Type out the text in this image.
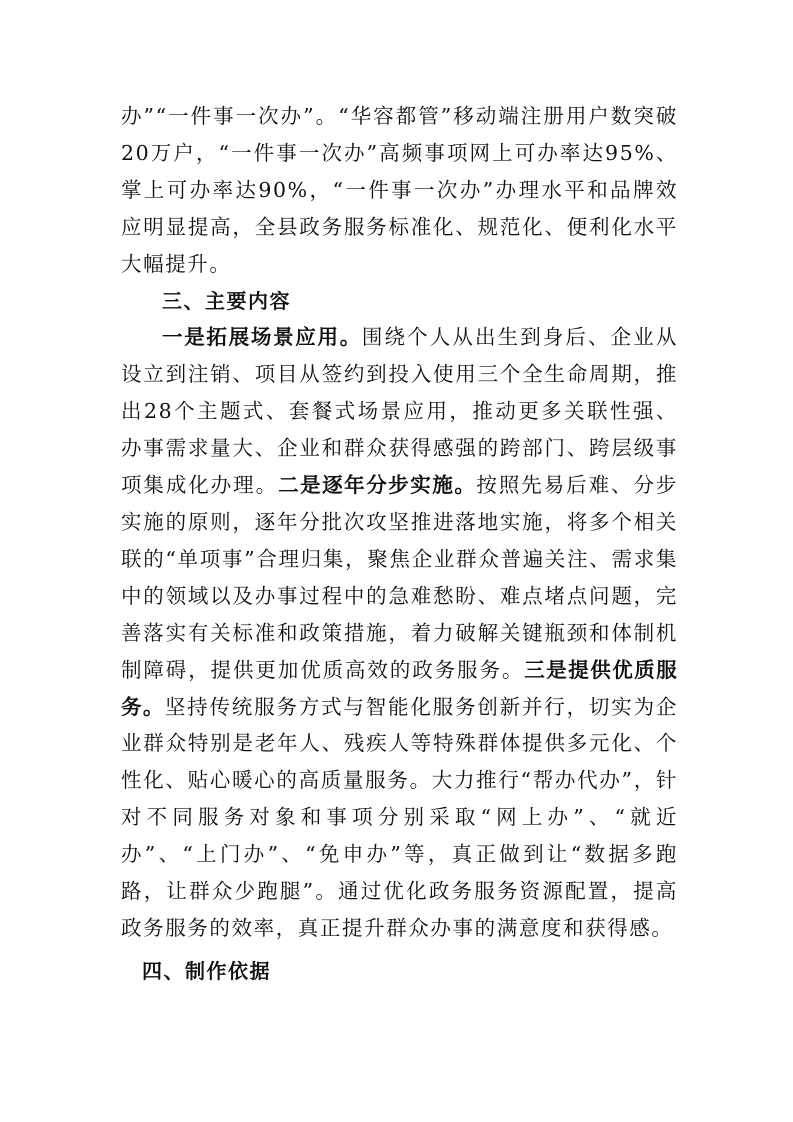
办”“一件事一次办”。“华容都管”移动端注册用户数突破20万户，“一件事一次办”高频事项网上可办率达95%、掌上可办率达90%，“一件事一次办”办理水平和品牌效应明显提高，全县政务服务标准化、规范化、便利化水平大幅提升。

三、主要内容

一是拓展场景应用。围绕个人从出生到身后、企业从设立到注销、项目从签约到投入使用三个全生命周期，推出28个主题式、套餐式场景应用，推动更多关联性强、办事需求量大、企业和群众获得感强的跨部门、跨层级事项集成化办理。二是逐年分步实施。按照先易后难、分步实施的原则，逐年分批次攻坚推进落地实施，将多个相关联的“单项事”合理归集，聚焦企业群众普遍关注、需求集中的领域以及办事过程中的急难愁盼、难点堵点问题，完善落实有关标准和政策措施，着力破解关键瓶颈和体制机制障碍，提供更加优质高效的政务服务。三是提供优质服务。坚持传统服务方式与智能化服务创新并行，切实为企业群众特别是老年人、残疾人等特殊群体提供多元化、个性化、贴心暖心的高质量服务。大力推行“帮办代办”，针对不同服务对象和事项分别采取“网上办”、“就近办”、“上门办”、“免申办”等，真正做到让“数据多跑路，让群众少跑腿”。通过优化政务服务资源配置，提高政务服务的效率，真正提升群众办事的满意度和获得感。

四、制作依据
